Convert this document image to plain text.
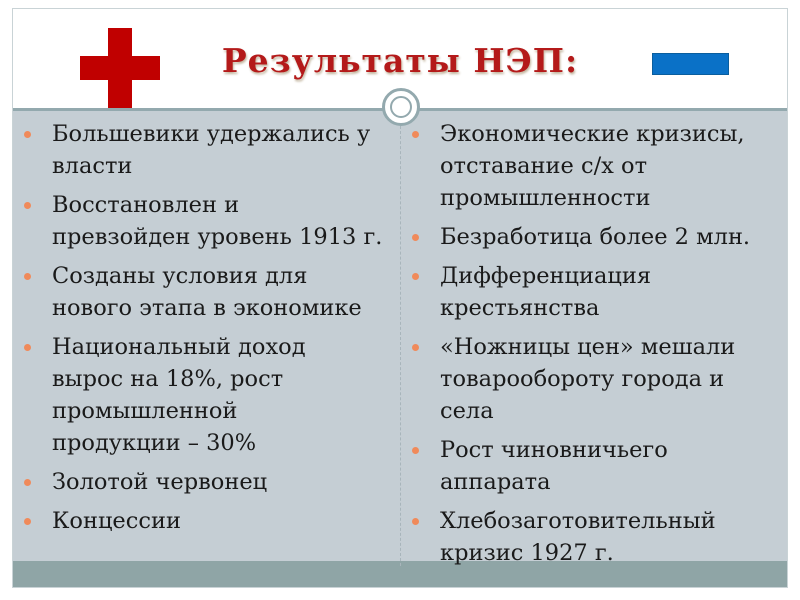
Результаты НЭП:
Большевики удержались у
власти
Восстановлен и
превзойден уровень 1913 г.
Созданы условия для
нового этапа в экономике
Национальный доход
вырос на 18%, рост
промышленной
продукции – 30%
Золотой червонец
Концессии
Экономические кризисы,
отставание с/х от
промышленности
Безработица более 2 млн.
Дифференциация
крестьянства
«Ножницы цен» мешали
товарообороту города и
села
Рост чиновничьего
аппарата
Хлебозаготовительный
кризис 1927 г.
